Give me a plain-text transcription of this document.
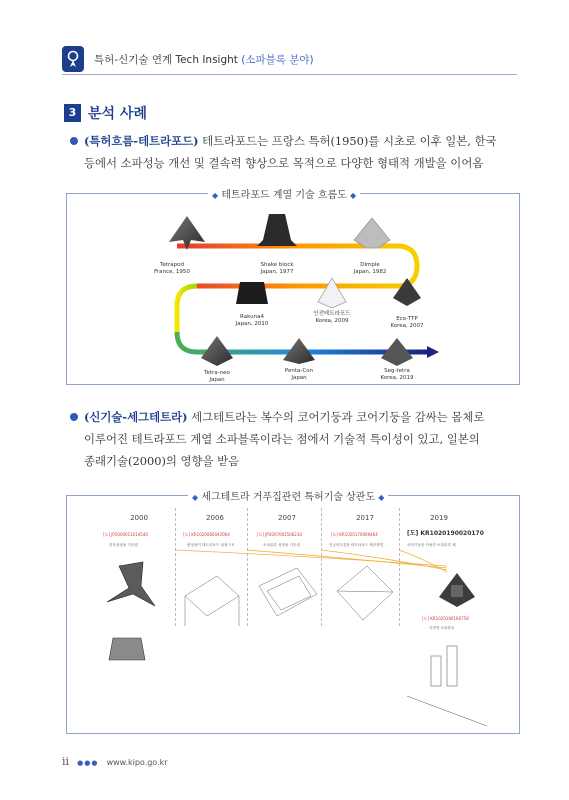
특허-신기술 연계 Tech Insight (소파블록 분야)
3 분석 사례
(특허흐름-테트라포드) 테트라포드는 프랑스 특허(1950)를 시초로 이후 일본, 한국
등에서 소파성능 개선 및 결속력 향상으로 목적으로 다양한 형태적 개발을 이어옴
Tetrapod
France, 1950
Shake block
Japan, 1977
Dimple
Japan, 1982
Eco-TTP
Korea, 2007
안전테트라포드
Korea, 2009
Rakuna4
Japan, 2010
Tetra-neo
Japan
Penta-Con
Japan
Seg-tetra
Korea, 2019
◆ 테트라포드 계열 기술 흐름도 ◆
(신기술-세그테트라) 세그테트라는 복수의 코어기둥과 코어기둥을 감싸는 몸체로
이루어진 테트라포드 계열 소파블록이라는 점에서 기술적 특이성이 있고, 일본의
종래기술(2000)의 영향을 받음
2000	2006	2007	2017	2019
[도] JP2000011014540
블록성형용 거푸집
[도] KR1020060042064
탈형용이 테트라포드 성형구조
[도] JP2007001506234
소파블록 성형용 거푸집
[도] KR1020170069464
인공어초겸용 테트라포드 제조방법
[도] KR1020190020170
코어기둥을 이용한 소파블록 제
[도] KR1020190166758
사면형 소파블록
◆ 세그테트라 거푸집관련 특허기술 상관도 ◆
ii ●●● www.kipo.go.kr
